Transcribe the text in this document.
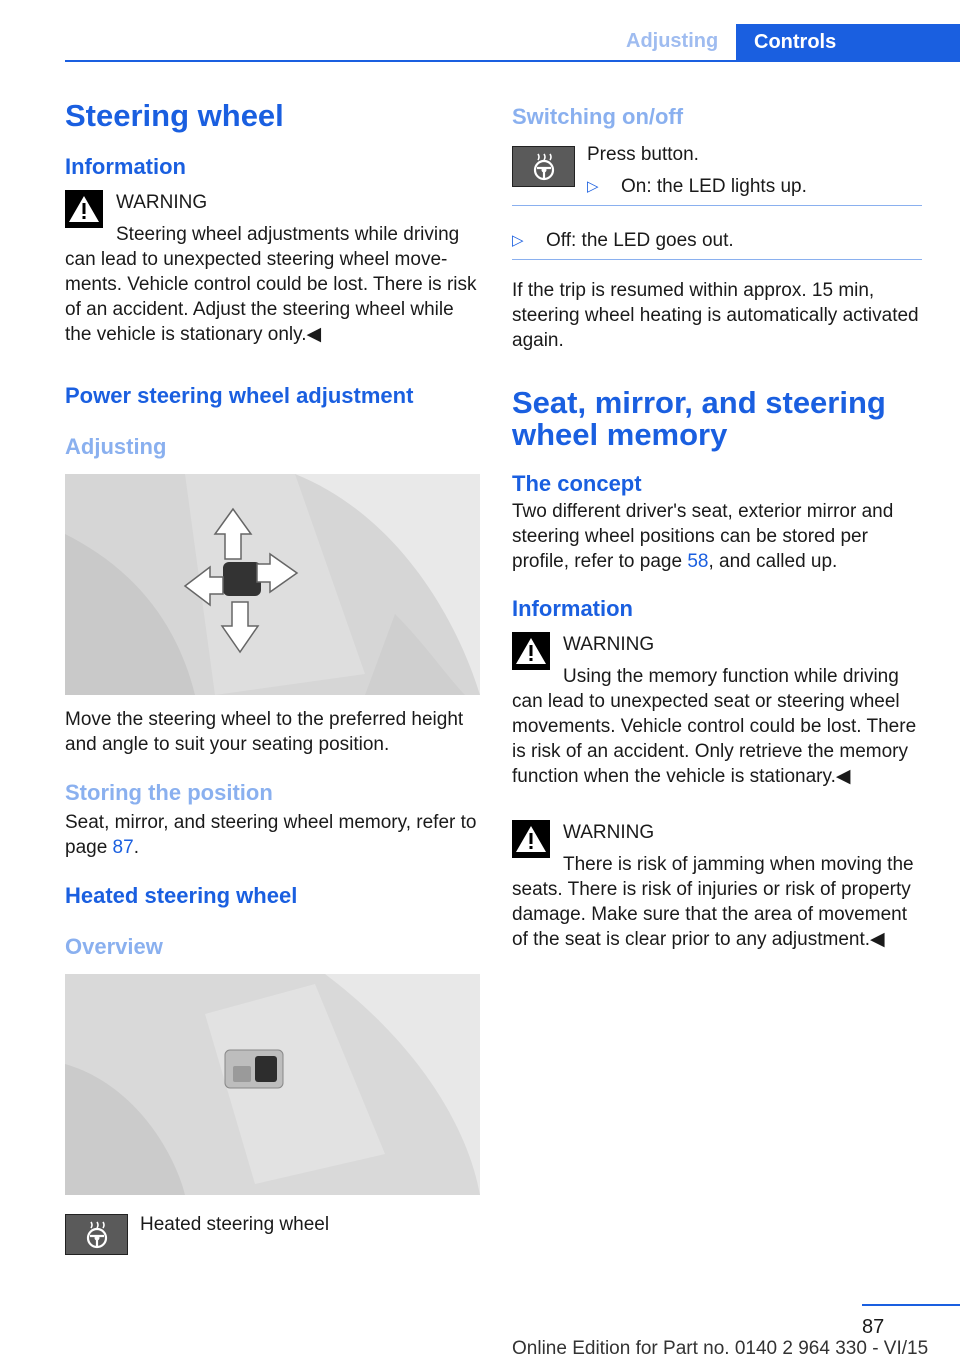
Adjusting	Controls
Steering wheel
Information
WARNING

Steering wheel adjustments while driving can lead to unexpected steering wheel movements. Vehicle control could be lost. There is risk of an accident. Adjust the steering wheel while the vehicle is stationary only.◀

Power steering wheel adjustment
Adjusting

Move the steering wheel to the preferred height and angle to suit your seating position.

Storing the position

Seat, mirror, and steering wheel memory, refer to page 87.

Heated steering wheel
Overview

Heated steering wheel

Switching on/off

Press button.

▷ On: the LED lights up.
▷ Off: the LED goes out.

If the trip is resumed within approx. 15 min, steering wheel heating is automatically activated again.

Seat, mirror, and steering wheel memory
The concept

Two different driver's seat, exterior mirror and steering wheel positions can be stored per profile, refer to page 58, and called up.

Information
WARNING

Using the memory function while driving can lead to unexpected seat or steering wheel movements. Vehicle control could be lost. There is risk of an accident. Only retrieve the memory function when the vehicle is stationary.◀

WARNING

There is risk of jamming when moving the seats. There is risk of injuries or risk of property damage. Make sure that the area of movement of the seat is clear prior to any adjustment.◀

87
Online Edition for Part no. 0140 2 964 330 - VI/15
